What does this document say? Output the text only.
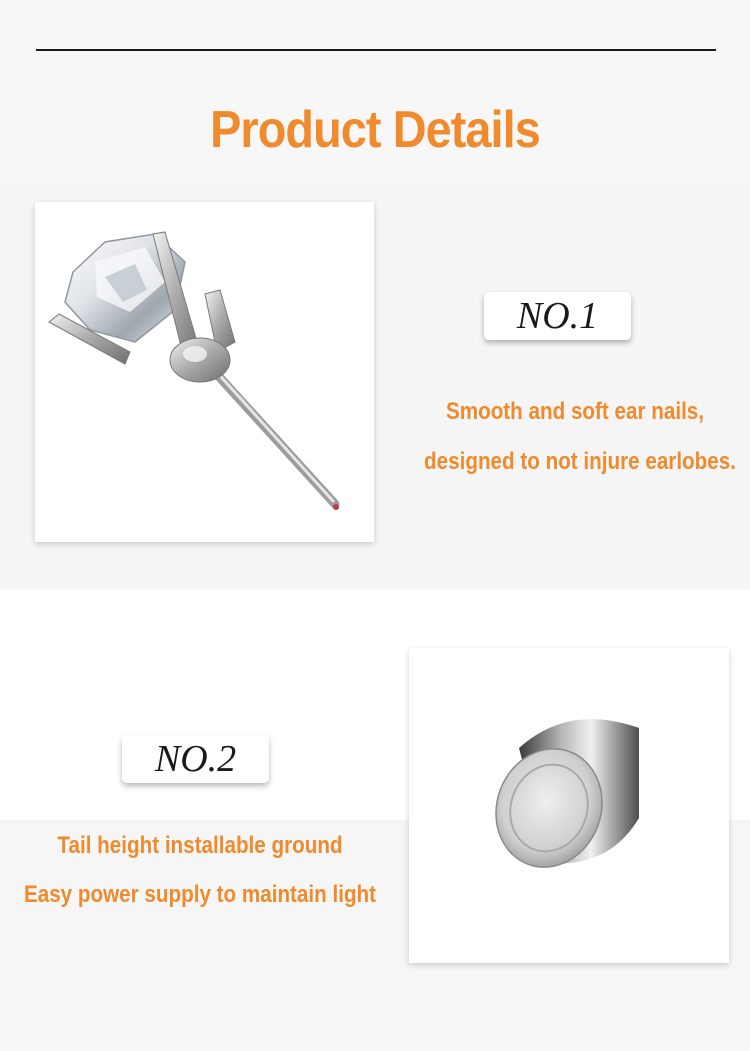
Product Details
NO.1
Smooth and soft ear nails,
designed to not injure earlobes.
NO.2
Tail height installable ground
Easy power supply to maintain light
